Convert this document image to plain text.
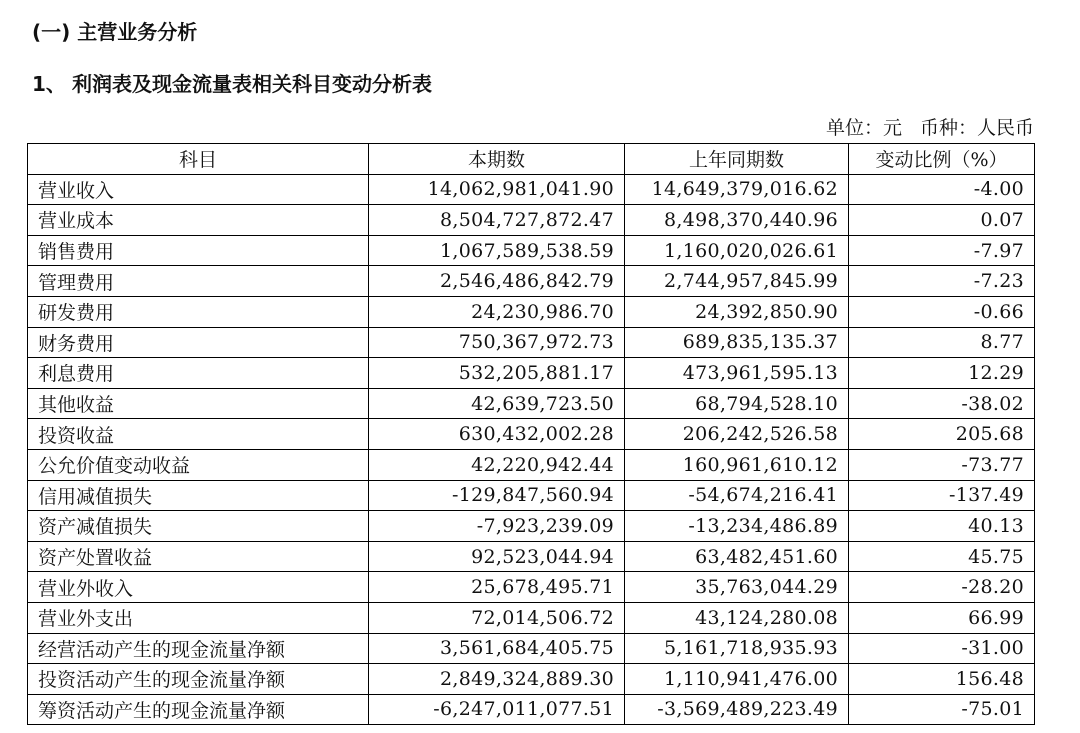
(一) 主营业务分析
1、 利润表及现金流量表相关科目变动分析表
单位：元 币种：人民币
科目	本期数	上年同期数	变动比例（%）
营业收入	14,062,981,041.90	14,649,379,016.62	-4.00
营业成本	8,504,727,872.47	8,498,370,440.96	0.07
销售费用	1,067,589,538.59	1,160,020,026.61	-7.97
管理费用	2,546,486,842.79	2,744,957,845.99	-7.23
研发费用	24,230,986.70	24,392,850.90	-0.66
财务费用	750,367,972.73	689,835,135.37	8.77
利息费用	532,205,881.17	473,961,595.13	12.29
其他收益	42,639,723.50	68,794,528.10	-38.02
投资收益	630,432,002.28	206,242,526.58	205.68
公允价值变动收益	42,220,942.44	160,961,610.12	-73.77
信用减值损失	-129,847,560.94	-54,674,216.41	-137.49
资产减值损失	-7,923,239.09	-13,234,486.89	40.13
资产处置收益	92,523,044.94	63,482,451.60	45.75
营业外收入	25,678,495.71	35,763,044.29	-28.20
营业外支出	72,014,506.72	43,124,280.08	66.99
经营活动产生的现金流量净额	3,561,684,405.75	5,161,718,935.93	-31.00
投资活动产生的现金流量净额	2,849,324,889.30	1,110,941,476.00	156.48
筹资活动产生的现金流量净额	-6,247,011,077.51	-3,569,489,223.49	-75.01
